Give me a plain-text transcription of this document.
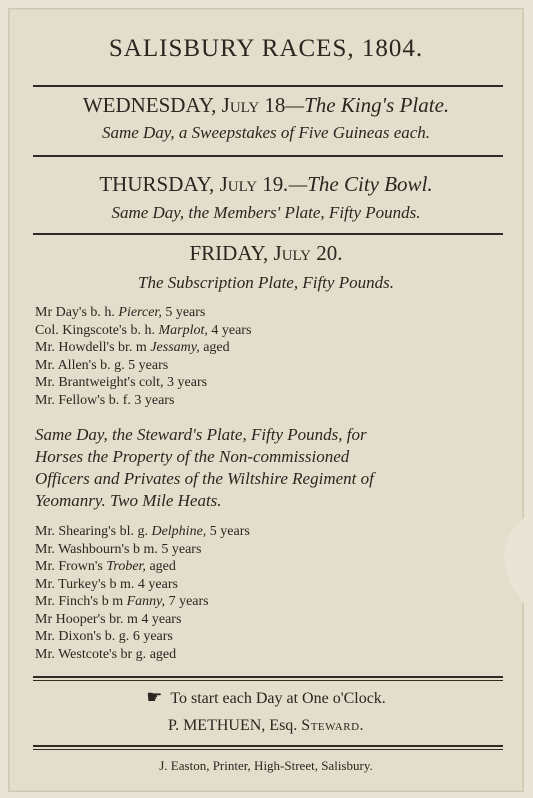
SALISBURY RACES, 1804.
WEDNESDAY, July 18—The King's Plate.
Same Day, a Sweepstakes of Five Guineas each.
THURSDAY, July 19.—The City Bowl.
Same Day, the Members' Plate, Fifty Pounds.
FRIDAY, July 20.
The Subscription Plate, Fifty Pounds.
Mr Day's b. h. Piercer, 5 years
Col. Kingscote's b. h. Marplot, 4 years
Mr. Howdell's br. m Jessamy, aged
Mr. Allen's b. g. 5 years
Mr. Brantweight's colt, 3 years
Mr. Fellow's b. f. 3 years
Same Day, the Steward's Plate, Fifty Pounds, for
Horses the Property of the Non-commissioned
Officers and Privates of the Wiltshire Regiment of
Yeomanry. Two Mile Heats.
Mr. Shearing's bl. g. Delphine, 5 years
Mr. Washbourn's b m. 5 years
Mr. Frown's Trober, aged
Mr. Turkey's b m. 4 years
Mr. Finch's b m Fanny, 7 years
Mr Hooper's br. m 4 years
Mr. Dixon's b. g. 6 years
Mr. Westcote's br g. aged
☛ To start each Day at One o'Clock.
P. METHUEN, Esq. Steward.
J. Easton, Printer, High-Street, Salisbury.
